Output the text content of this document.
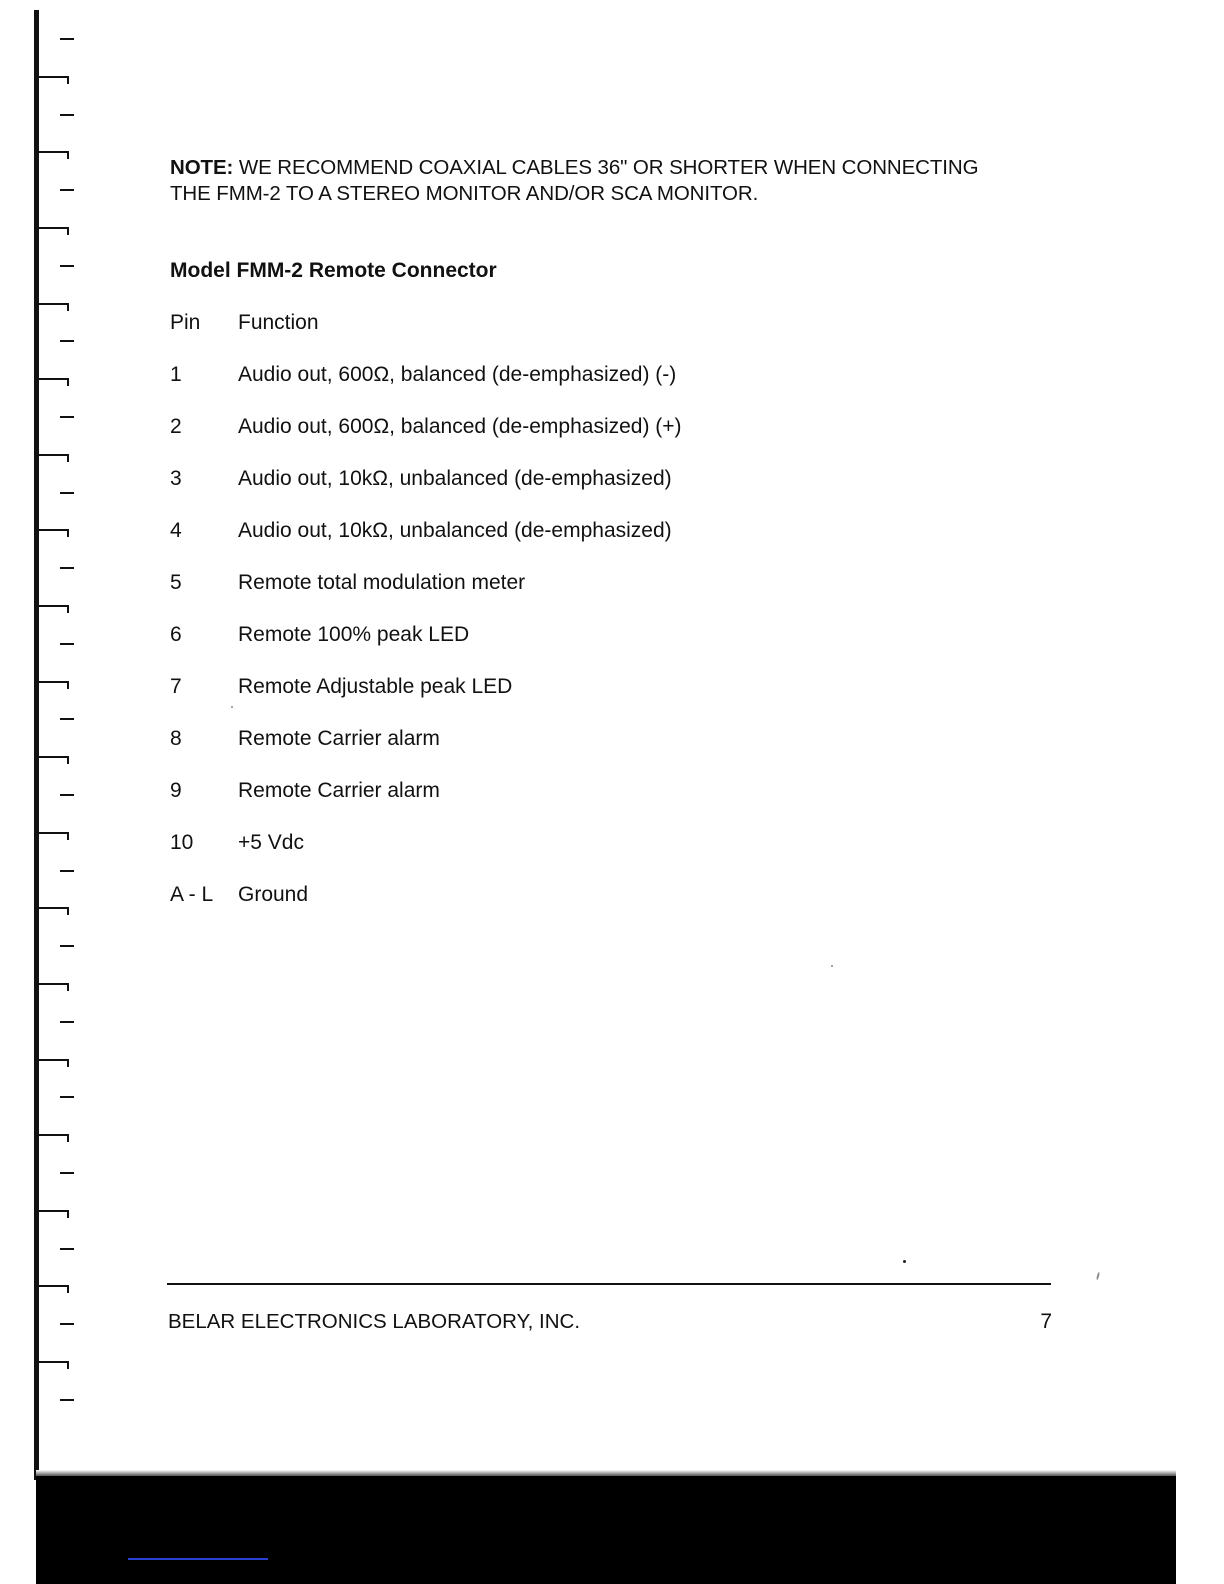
NOTE: WE RECOMMEND COAXIAL CABLES 36" OR SHORTER WHEN CONNECTING
THE FMM-2 TO A STEREO MONITOR AND/OR SCA MONITOR.

Model FMM-2 Remote Connector
Pin	Function
1	Audio out, 600Ω, balanced (de-emphasized) (-)
2	Audio out, 600Ω, balanced (de-emphasized) (+)
3	Audio out, 10kΩ, unbalanced (de-emphasized)
4	Audio out, 10kΩ, unbalanced (de-emphasized)
5	Remote total modulation meter
6	Remote 100% peak LED
7	Remote Adjustable peak LED
8	Remote Carrier alarm
9	Remote Carrier alarm
10	+5 Vdc
A - L	Ground

BELAR ELECTRONICS LABORATORY, INC.	7
